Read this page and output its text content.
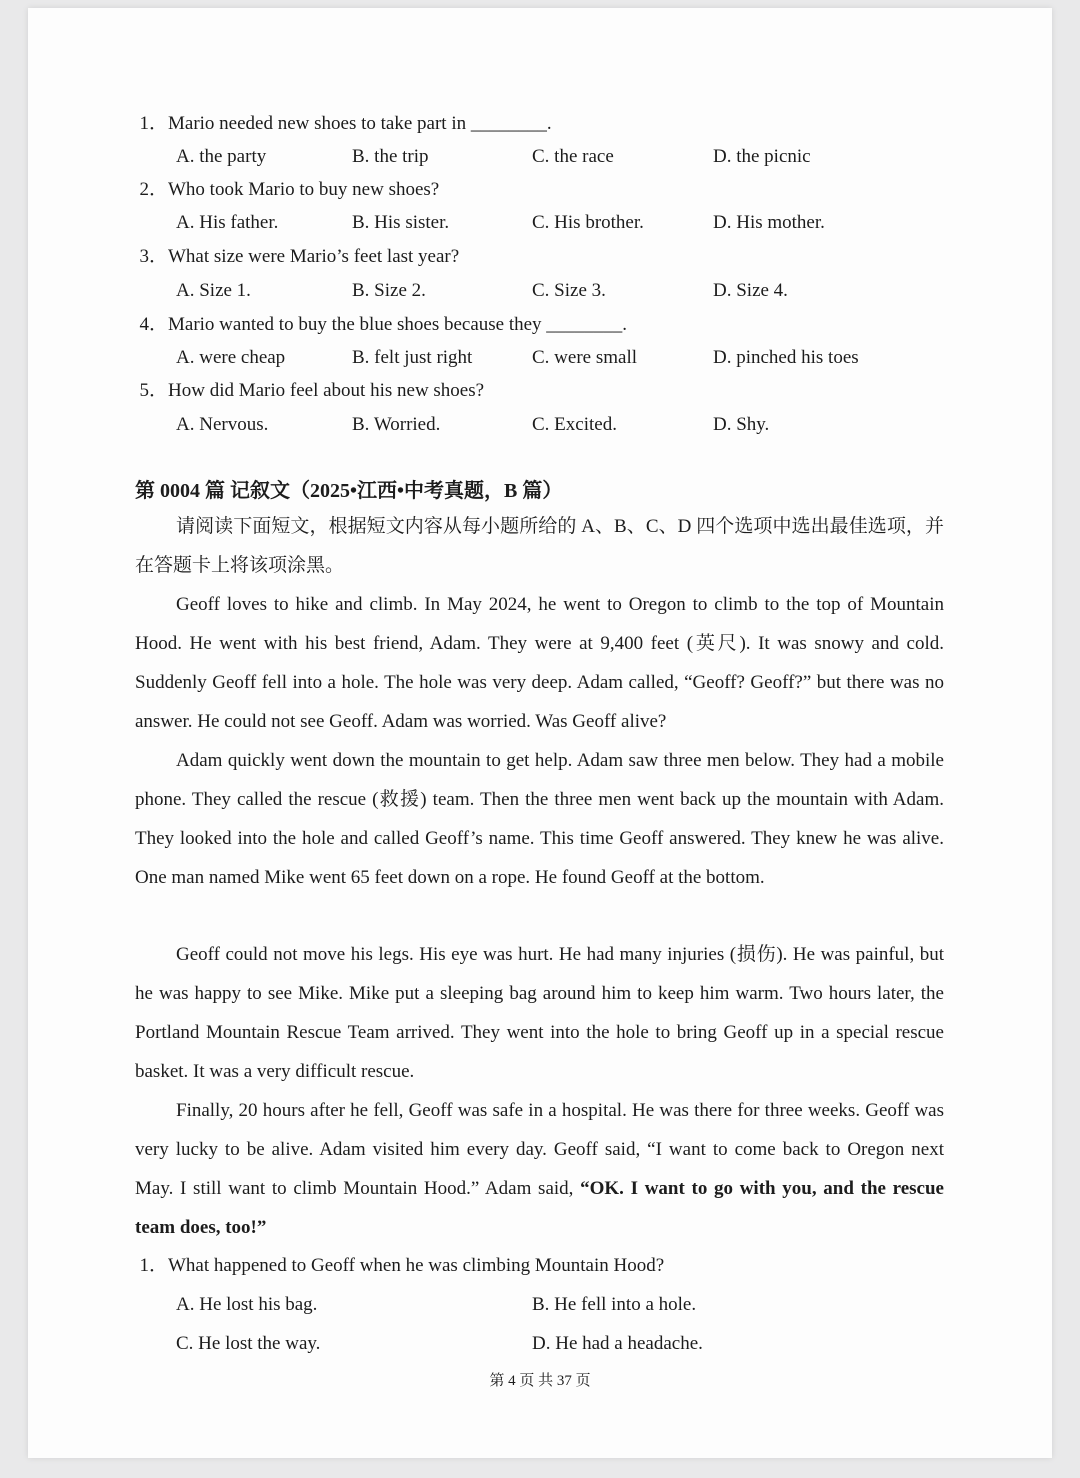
1．Mario needed new shoes to take part in ________.
A. the party	B. the trip	C. the race	D. the picnic
2．Who took Mario to buy new shoes?
A. His father.	B. His sister.	C. His brother.	D. His mother.
3．What size were Mario’s feet last year?
A. Size 1.	B. Size 2.	C. Size 3.	D. Size 4.
4．Mario wanted to buy the blue shoes because they ________.
A. were cheap	B. felt just right	C. were small	D. pinched his toes
5．How did Mario feel about his new shoes?
A. Nervous.	B. Worried.	C. Excited.	D. Shy.
第 0004 篇 记叙文（2025•江西•中考真题，B 篇）
请阅读下面短文，根据短文内容从每小题所给的 A、B、C、D 四个选项中选出最佳选项，并在答题卡上将该项涂黑。
Geoff loves to hike and climb. In May 2024, he went to Oregon to climb to the top of Mountain Hood. He went with his best friend, Adam. They were at 9,400 feet (英尺). It was snowy and cold. Suddenly Geoff fell into a hole. The hole was very deep. Adam called, “Geoff? Geoff?” but there was no answer. He could not see Geoff. Adam was worried. Was Geoff alive?
Adam quickly went down the mountain to get help. Adam saw three men below. They had a mobile phone. They called the rescue (救援) team. Then the three men went back up the mountain with Adam. They looked into the hole and called Geoff’s name. This time Geoff answered. They knew he was alive. One man named Mike went 65 feet down on a rope. He found Geoff at the bottom.
Geoff could not move his legs. His eye was hurt. He had many injuries (损伤). He was painful, but he was happy to see Mike. Mike put a sleeping bag around him to keep him warm. Two hours later, the Portland Mountain Rescue Team arrived. They went into the hole to bring Geoff up in a special rescue basket. It was a very difficult rescue.
Finally, 20 hours after he fell, Geoff was safe in a hospital. He was there for three weeks. Geoff was very lucky to be alive. Adam visited him every day. Geoff said, “I want to come back to Oregon next May. I still want to climb Mountain Hood.” Adam said, “OK. I want to go with you, and the rescue team does, too!”
1．What happened to Geoff when he was climbing Mountain Hood?
A. He lost his bag.	B. He fell into a hole.
C. He lost the way.	D. He had a headache.
第 4 页 共 37 页
